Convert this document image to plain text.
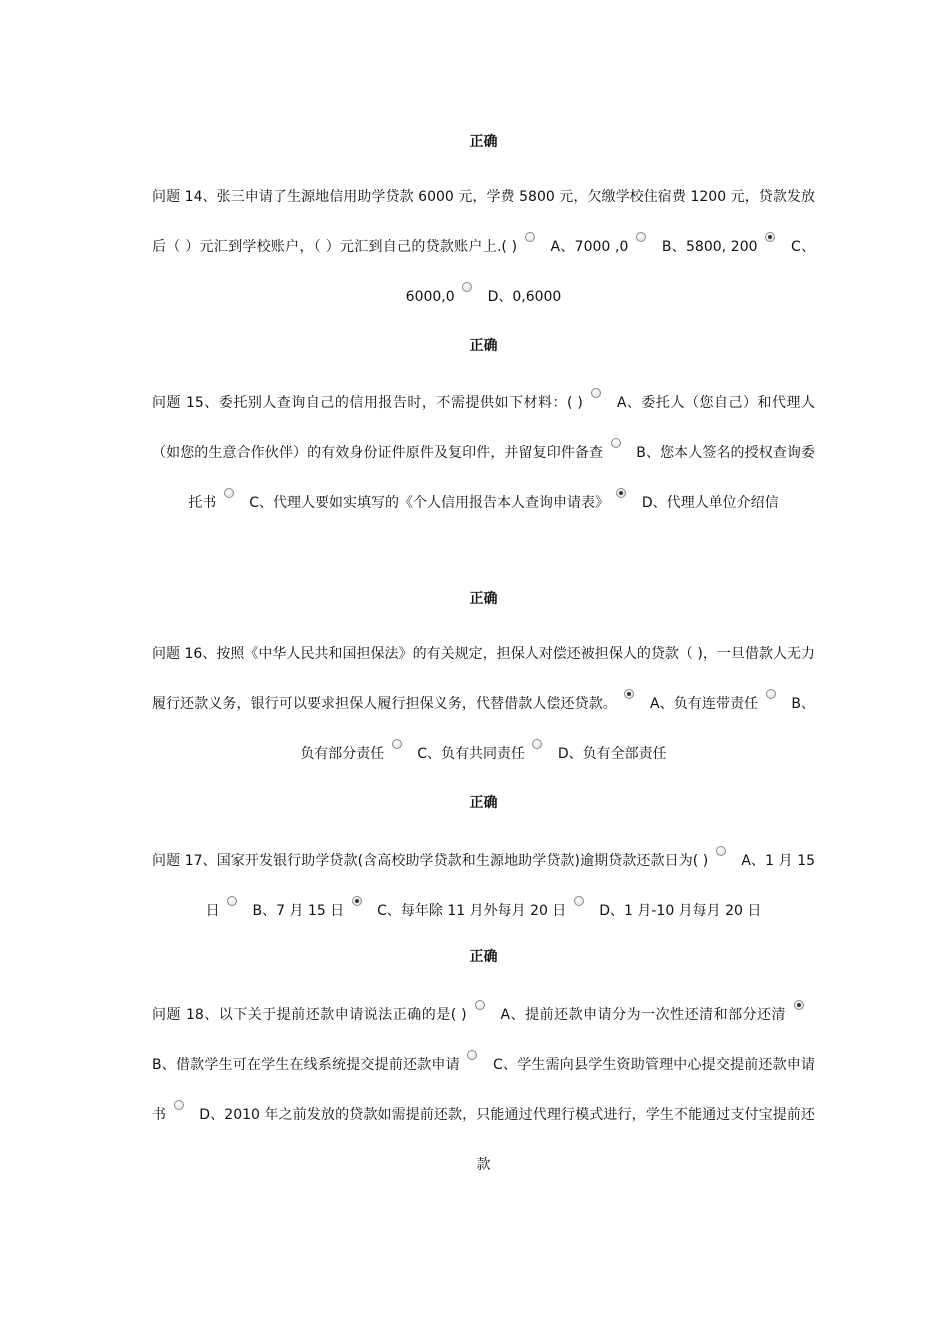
正确
问题 14、张三申请了生源地信用助学贷款 6000 元，学费 5800 元，欠缴学校住宿费 1200 元，贷款发放后（ ）元汇到学校账户，（ ）元汇到自己的贷款账户上.( ) A、7000 ,0 B、5800, 200 C、6000,0 D、0,6000
正确
问题 15、委托别人查询自己的信用报告时，不需提供如下材料：( ) A、委托人（您自己）和代理人（如您的生意合作伙伴）的有效身份证件原件及复印件，并留复印件备查 B、您本人签名的授权查询委托书 C、代理人要如实填写的《个人信用报告本人查询申请表》 D、代理人单位介绍信
正确
问题 16、按照《中华人民共和国担保法》的有关规定，担保人对偿还被担保人的贷款（ )，一旦借款人无力履行还款义务，银行可以要求担保人履行担保义务，代替借款人偿还贷款。 A、负有连带责任 B、负有部分责任 C、负有共同责任 D、负有全部责任
正确
问题 17、国家开发银行助学贷款(含高校助学贷款和生源地助学贷款)逾期贷款还款日为( ) A、1 月 15 日 B、7 月 15 日 C、每年除 11 月外每月 20 日 D、1 月-10 月每月 20 日
正确
问题 18、以下关于提前还款申请说法正确的是( ) A、提前还款申请分为一次性还清和部分还清  B、借款学生可在学生在线系统提交提前还款申请 C、学生需向县学生资助管理中心提交提前还款申请书 D、2010 年之前发放的贷款如需提前还款，只能通过代理行模式进行，学生不能通过支付宝提前还款
